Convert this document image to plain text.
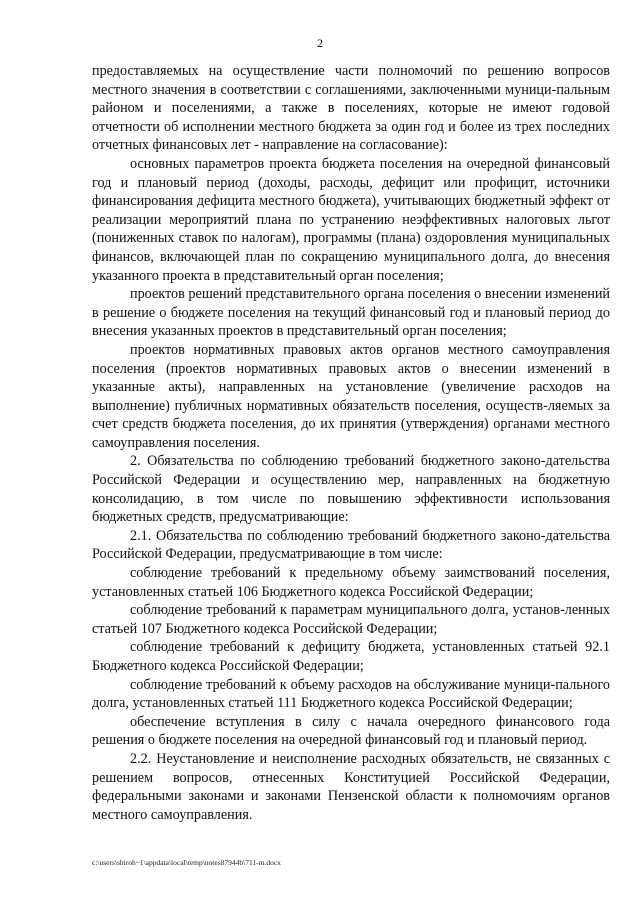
2

предоставляемых на осуществление части полномочий по решению вопросов местного значения в соответствии с соглашениями, заключенными муници-пальным районом и поселениями, а также в поселениях, которые не имеют годовой отчетности об исполнении местного бюджета за один год и более из трех последних отчетных финансовых лет - направление на согласование):

основных параметров проекта бюджета поселения на очередной финансовый год и плановый период (доходы, расходы, дефицит или профицит, источники финансирования дефицита местного бюджета), учитывающих бюджетный эффект от реализации мероприятий плана по устранению неэффективных налоговых льгот (пониженных ставок по налогам), программы (плана) оздоровления муниципальных финансов, включающей план по сокращению муниципального долга, до внесения указанного проекта в представительный орган поселения;

проектов решений представительного органа поселения о внесении изменений в решение о бюджете поселения на текущий финансовый год и плановый период до внесения указанных проектов в представительный орган поселения;

проектов нормативных правовых актов органов местного самоуправления поселения (проектов нормативных правовых актов о внесении изменений в указанные акты), направленных на установление (увеличение расходов на выполнение) публичных нормативных обязательств поселения, осуществ-ляемых за счет средств бюджета поселения, до их принятия (утверждения) органами местного самоуправления поселения.

2. Обязательства по соблюдению требований бюджетного законо-дательства Российской Федерации и осуществлению мер, направленных на бюджетную консолидацию, в том числе по повышению эффективности использования бюджетных средств, предусматривающие:

2.1. Обязательства по соблюдению требований бюджетного законо-дательства Российской Федерации, предусматривающие в том числе:

соблюдение требований к предельному объему заимствований поселения, установленных статьей 106 Бюджетного кодекса Российской Федерации;

соблюдение требований к параметрам муниципального долга, установ-ленных статьей 107 Бюджетного кодекса Российской Федерации;

соблюдение требований к дефициту бюджета, установленных статьей 92.1 Бюджетного кодекса Российской Федерации;

соблюдение требований к объему расходов на обслуживание муници-пального долга, установленных статьей 111 Бюджетного кодекса Российской Федерации;

обеспечение вступления в силу с начала очередного финансового года решения о бюджете поселения на очередной финансовый год и плановый период.

2.2. Неустановление и неисполнение расходных обязательств, не связанных с решением вопросов, отнесенных Конституцией Российской Федерации, федеральными законами и законами Пензенской области к полномочиям органов местного самоуправления.

c:\users\shiroh~1\appdata\local\temp\notes87944b\711-m.docx
